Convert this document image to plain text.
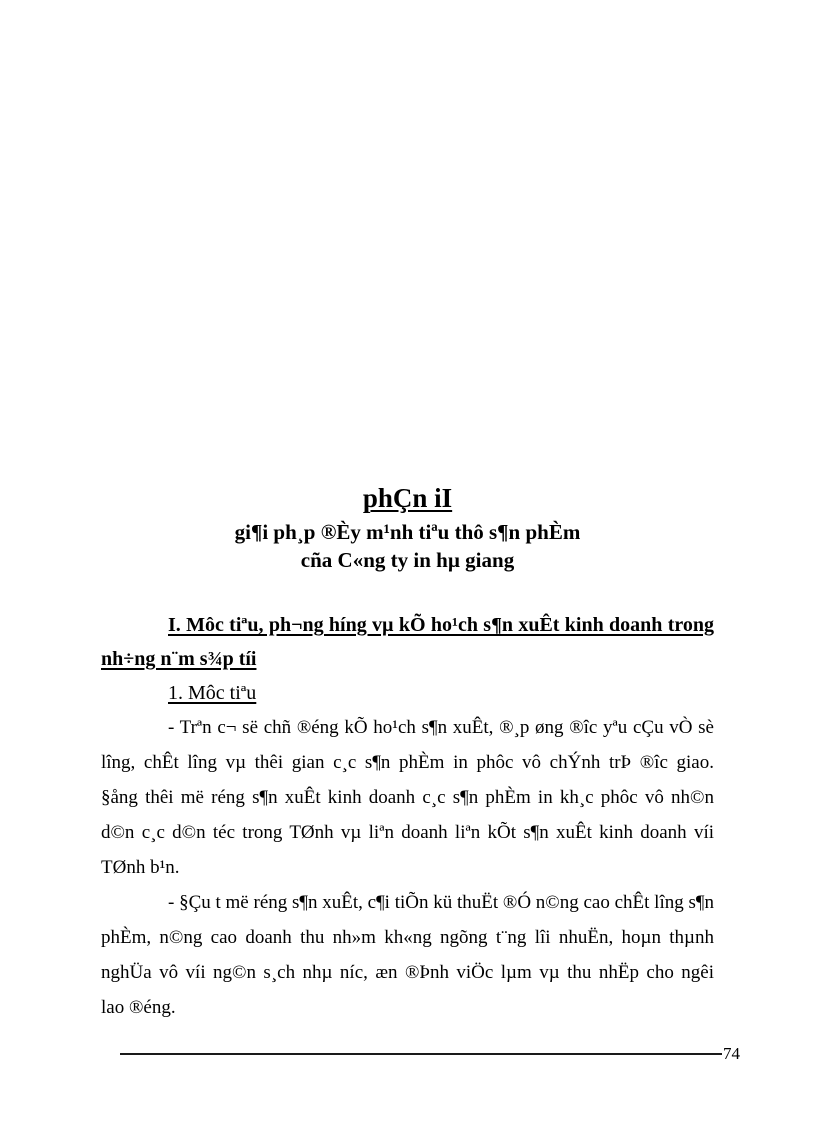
phÇn iI
gi¶i ph¸p ®Èy m¹nh tiªu thô s¶n phÈm
cña C«ng ty in hµ giang
I. Môc tiªu, ph¬ng híng vµ kÕ ho¹ch s¶n xuÊt kinh doanh trong
nh÷ng n¨m s¾p tíi
1. Môc tiªu
- Trªn c¬ së chñ ®éng kÕ ho¹ch s¶n xuÊt, ®¸p øng ®îc yªu cÇu vÒ sè
lîng, chÊt lîng vµ thêi gian c¸c s¶n phÈm in phôc vô chÝnh trÞ ®îc giao.
§ång thêi më réng s¶n xuÊt kinh doanh c¸c s¶n phÈm in kh¸c phôc vô nh©n
d©n c¸c d©n téc trong TØnh vµ liªn doanh liªn kÕt s¶n xuÊt kinh doanh víi
TØnh b¹n.
- §Çu t më réng s¶n xuÊt, c¶i tiÕn kü thuËt ®Ó n©ng cao chÊt lîng s¶n
phÈm, n©ng cao doanh thu nh»m kh«ng ngõng t¨ng lîi nhuËn, hoµn thµnh
nghÜa vô víi ng©n s¸ch nhµ níc, æn ®Þnh viÖc lµm vµ thu nhËp cho ngêi
lao ®éng.
74
